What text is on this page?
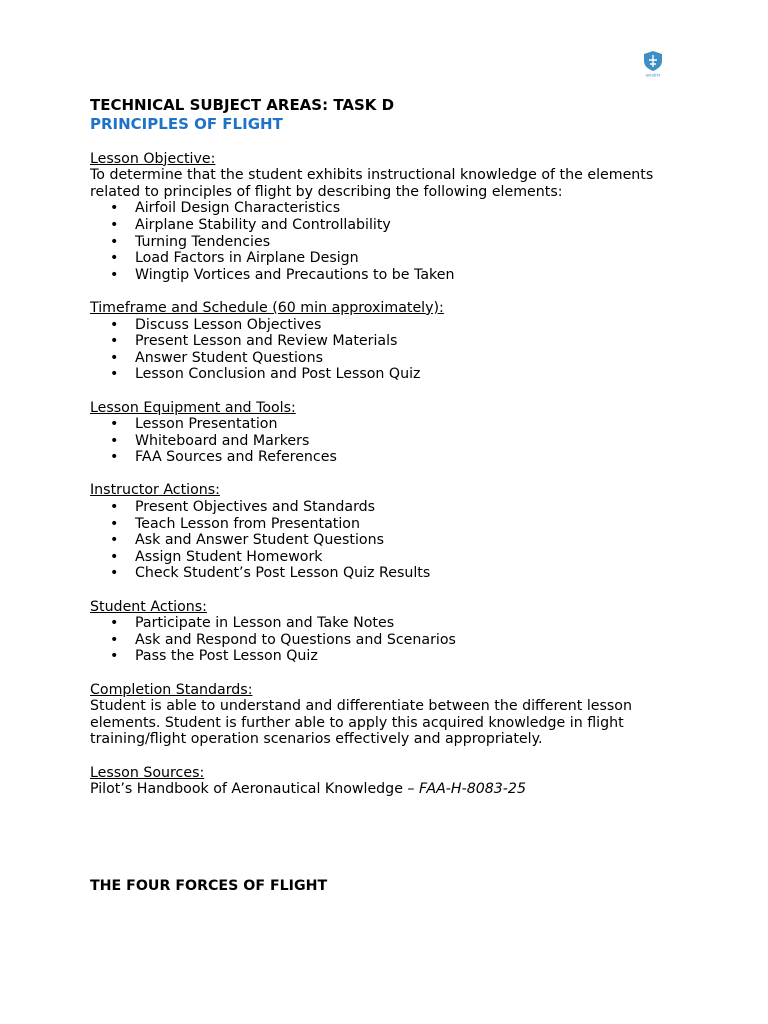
aviatrix

TECHNICAL SUBJECT AREAS: TASK D

PRINCIPLES OF FLIGHT

Lesson Objective:

To determine that the student exhibits instructional knowledge of the elements related to principles of flight by describing the following elements:

• Airfoil Design Characteristics
• Airplane Stability and Controllability
• Turning Tendencies
• Load Factors in Airplane Design
• Wingtip Vortices and Precautions to be Taken

Timeframe and Schedule (60 min approximately):

• Discuss Lesson Objectives
• Present Lesson and Review Materials
• Answer Student Questions
• Lesson Conclusion and Post Lesson Quiz

Lesson Equipment and Tools:

• Lesson Presentation
• Whiteboard and Markers
• FAA Sources and References

Instructor Actions:

• Present Objectives and Standards
• Teach Lesson from Presentation
• Ask and Answer Student Questions
• Assign Student Homework
• Check Student’s Post Lesson Quiz Results

Student Actions:

• Participate in Lesson and Take Notes
• Ask and Respond to Questions and Scenarios
• Pass the Post Lesson Quiz

Completion Standards:

Student is able to understand and differentiate between the different lesson elements. Student is further able to apply this acquired knowledge in flight training/flight operation scenarios effectively and appropriately.

Lesson Sources:

Pilot’s Handbook of Aeronautical Knowledge – FAA-H-8083-25

THE FOUR FORCES OF FLIGHT
